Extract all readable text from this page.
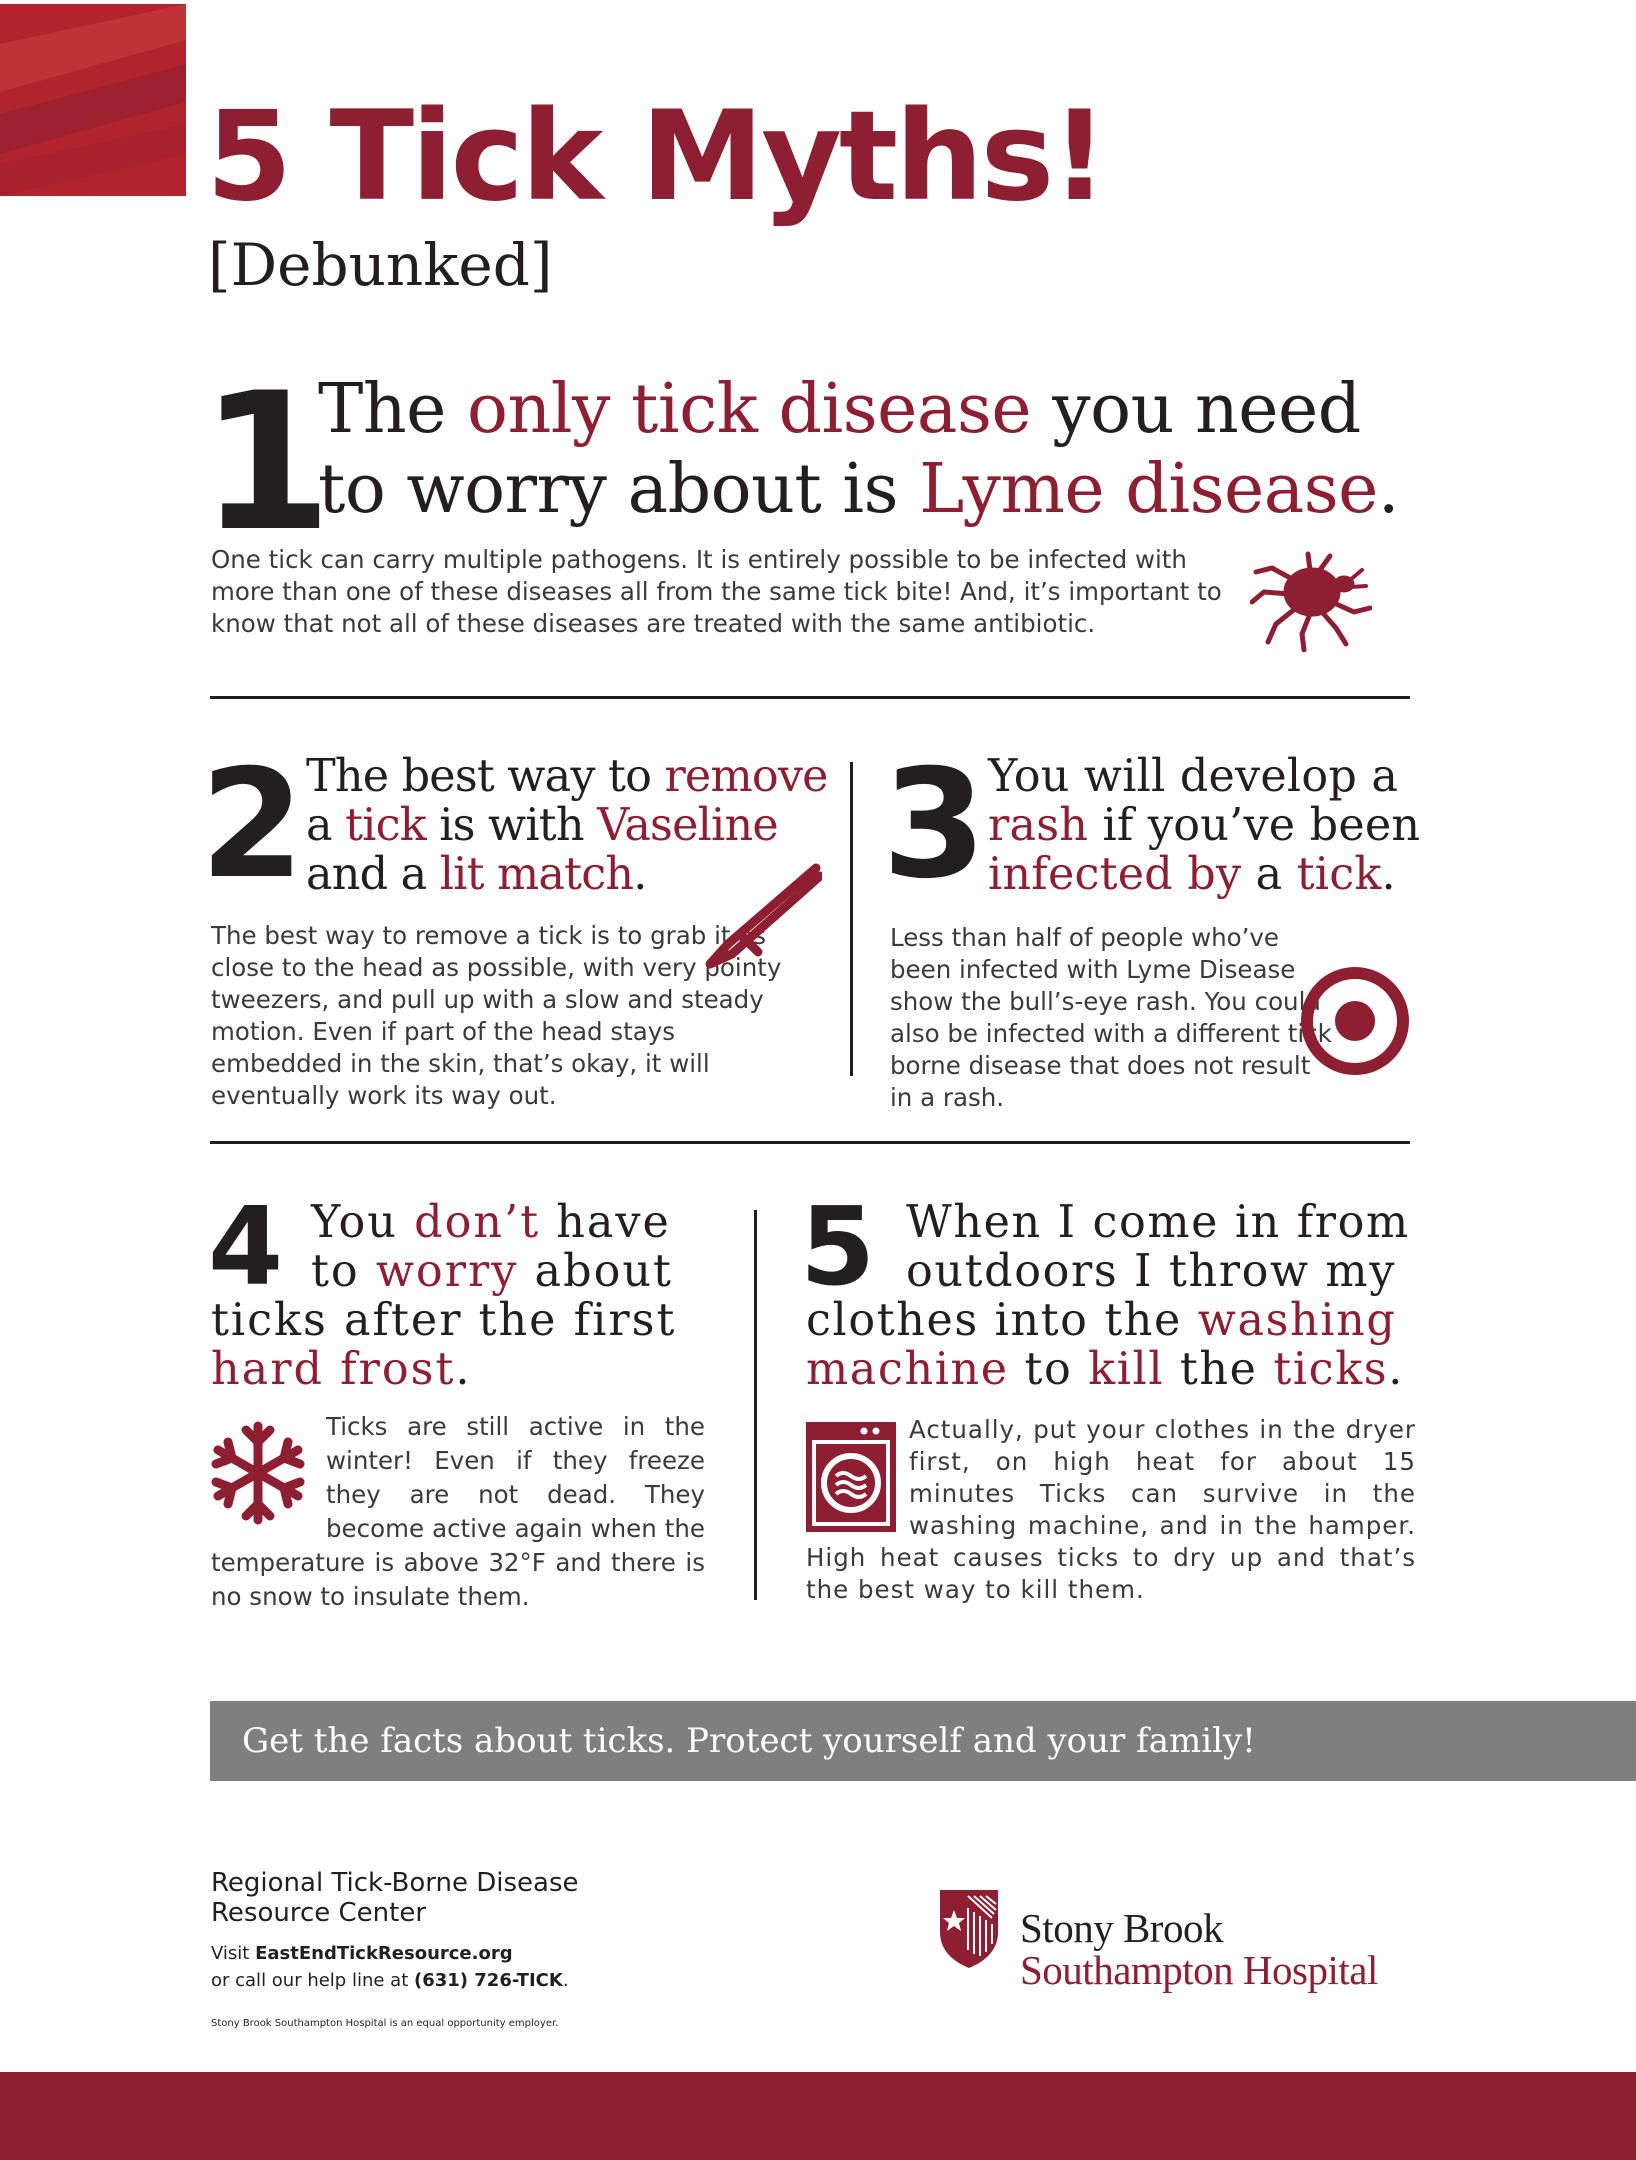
5 Tick Myths!
[Debunked]
1
The only tick disease you need
to worry about is Lyme disease.
One tick can carry multiple pathogens. It is entirely possible to be infected with more than one of these diseases all from the same tick bite! And, it’s important to know that not all of these diseases are treated with the same antibiotic.
2 The best way to remove
a tick is with Vaseline
and a lit match.
The best way to remove a tick is to grab it as close to the head as possible, with very pointy tweezers, and pull up with a slow and steady motion. Even if part of the head stays embedded in the skin, that’s okay, it will eventually work its way out.
3 You will develop a
rash if you’ve been
infected by a tick.
Less than half of people who’ve been infected with Lyme Disease show the bull’s-eye rash. You could also be infected with a different tick borne disease that does not result in a rash.
4 You don’t have
to worry about
ticks after the first
hard frost.
Ticks are still active in the winter! Even if they freeze they are not dead. They become active again when the temperature is above 32°F and there is no snow to insulate them.
5 When I come in from
outdoors I throw my
clothes into the washing
machine to kill the ticks.
Actually, put your clothes in the dryer first, on high heat for about 15 minutes Ticks can survive in the washing machine, and in the hamper. High heat causes ticks to dry up and that’s the best way to kill them.

Get the facts about ticks. Protect yourself and your family!

Regional Tick-Borne Disease
Resource Center
Visit EastEndTickResource.org
or call our help line at (631) 726-TICK.
Stony Brook Southampton Hospital is an equal opportunity employer.
Stony Brook
Southampton Hospital
